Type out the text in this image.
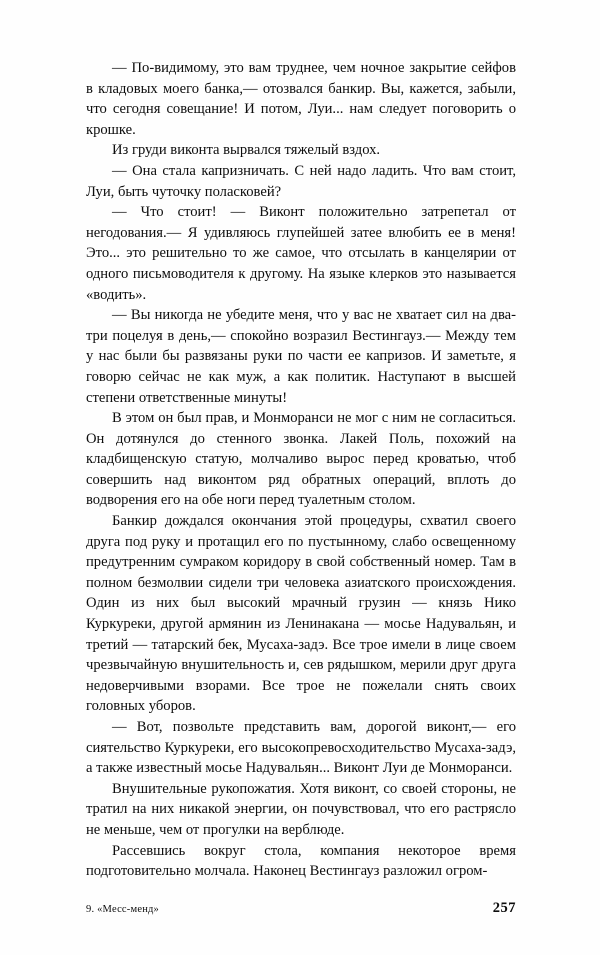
— По-видимому, это вам труднее, чем ночное закрытие сейфов в кладовых моего банка,— отозвался банкир. Вы, кажется, забыли, что сегодня совещание! И потом, Луи... нам следует поговорить о крошке.

Из груди виконта вырвался тяжелый вздох.

— Она стала капризничать. С ней надо ладить. Что вам стоит, Луи, быть чуточку поласковей?

— Что стоит! — Виконт положительно затрепетал от негодования.— Я удивляюсь глупейшей затее влюбить ее в меня! Это... это решительно то же самое, что отсылать в канцелярии от одного письмоводителя к другому. На языке клерков это называется «водить».

— Вы никогда не убедите меня, что у вас не хватает сил на два-три поцелуя в день,— спокойно возразил Вестингауз.— Между тем у нас были бы развязаны руки по части ее капризов. И заметьте, я говорю сейчас не как муж, а как политик. Наступают в высшей степени ответственные минуты!

В этом он был прав, и Монморанси не мог с ним не согласиться. Он дотянулся до стенного звонка. Лакей Поль, похожий на кладбищенскую статую, молчаливо вырос перед кроватью, чтоб совершить над виконтом ряд обратных операций, вплоть до водворения его на обе ноги перед туалетным столом.

Банкир дождался окончания этой процедуры, схватил своего друга под руку и протащил его по пустынному, слабо освещенному предутренним сумраком коридору в свой собственный номер. Там в полном безмолвии сидели три человека азиатского происхождения. Один из них был высокий мрачный грузин — князь Нико Куркуреки, другой армянин из Ленинакана — мосье Надувальян, и третий — татарский бек, Мусаха-задэ. Все трое имели в лице своем чрезвычайную внушительность и, сев рядышком, мерили друг друга недоверчивыми взорами. Все трое не пожелали снять своих головных уборов.

— Вот, позвольте представить вам, дорогой виконт,— его сиятельство Куркуреки, его высокопревосходительство Мусаха-задэ, а также известный мосье Надувальян... Виконт Луи де Монморанси.

Внушительные рукопожатия. Хотя виконт, со своей стороны, не тратил на них никакой энергии, он почувствовал, что его растрясло не меньше, чем от прогулки на верблюде.

Рассевшись вокруг стола, компания некоторое время подготовительно молчала. Наконец Вестингауз разложил огром-

9. «Месс-менд»	257
